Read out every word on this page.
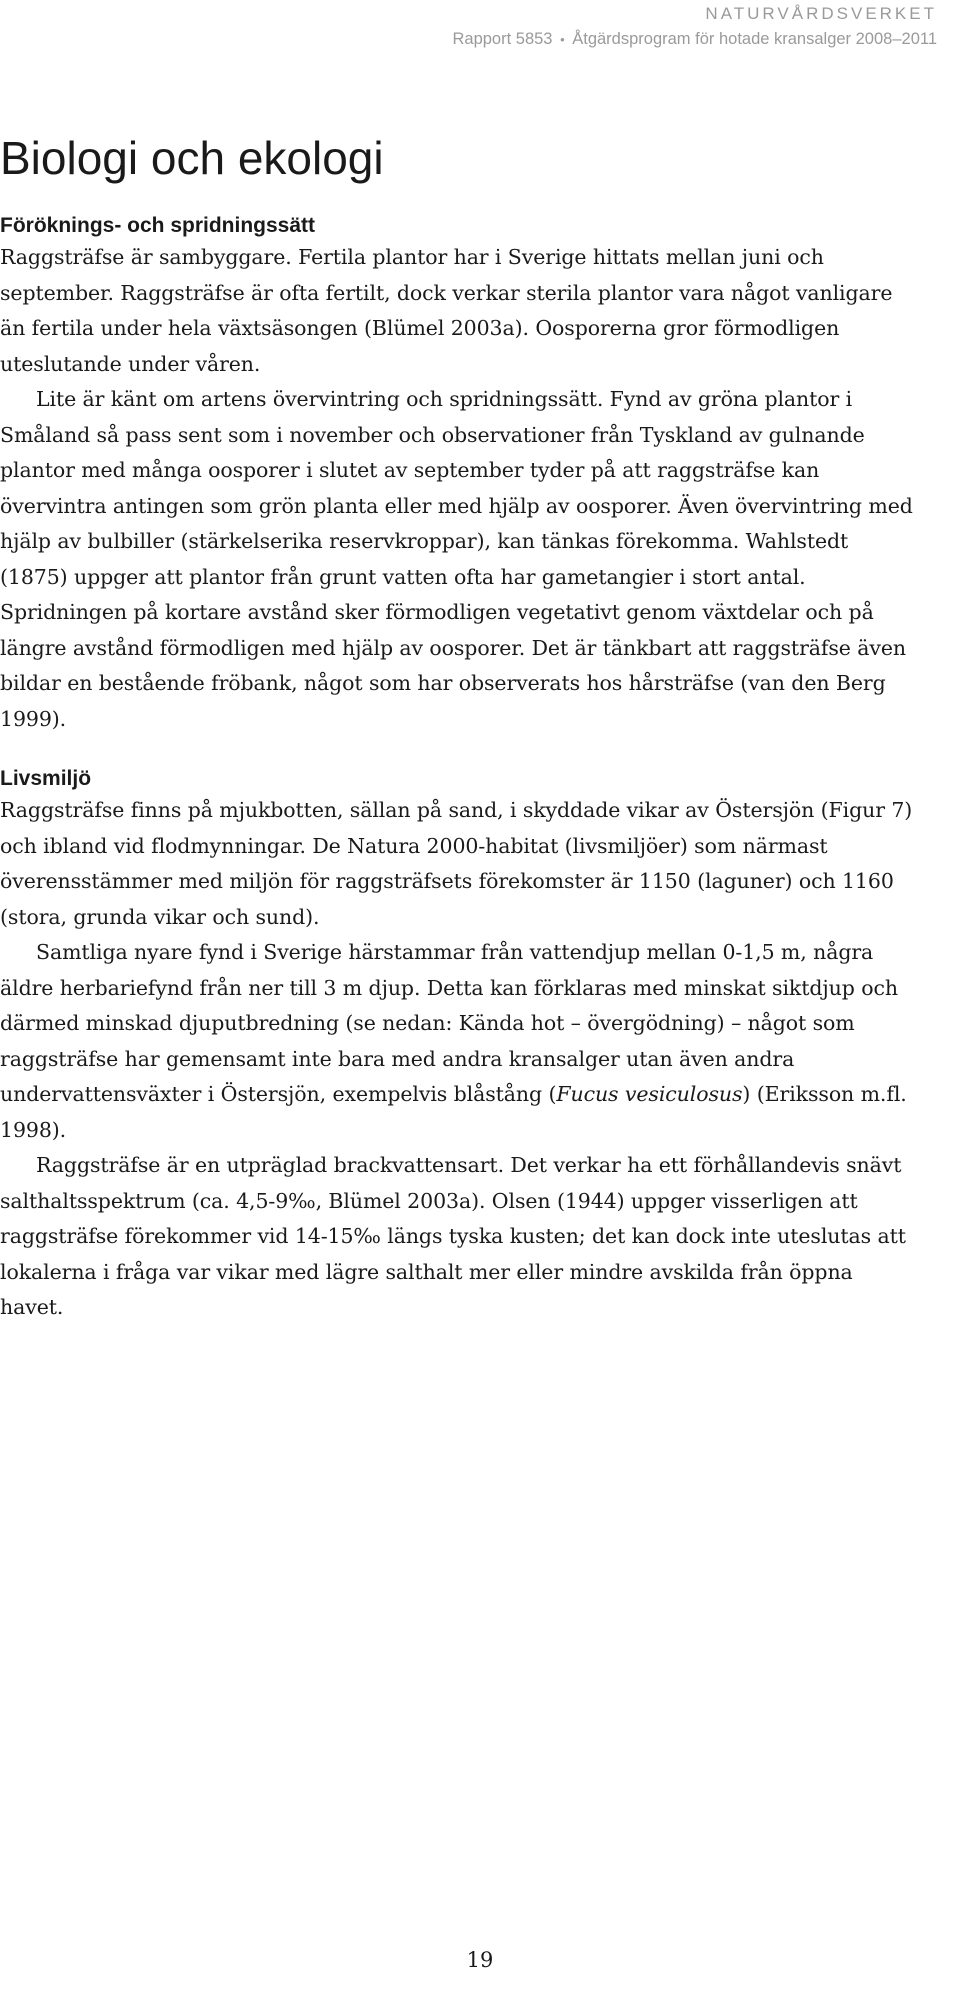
NATURVÅRDSVERKET
Rapport 5853 • Åtgärdsprogram för hotade kransalger 2008–2011
Biologi och ekologi
Föröknings- och spridningssätt

Raggsträfse är sambyggare. Fertila plantor har i Sverige hittats mellan juni och september. Raggsträfse är ofta fertilt, dock verkar sterila plantor vara något vanligare än fertila under hela växtsäsongen (Blümel 2003a). Oosporerna gror förmodligen uteslutande under våren.

Lite är känt om artens övervintring och spridningssätt. Fynd av gröna plantor i Småland så pass sent som i november och observationer från Tyskland av gulnande plantor med många oosporer i slutet av september tyder på att raggsträfse kan övervintra antingen som grön planta eller med hjälp av oosporer. Även övervintring med hjälp av bulbiller (stärkelserika reservkroppar), kan tänkas förekomma. Wahlstedt (1875) uppger att plantor från grunt vatten ofta har gametangier i stort antal. Spridningen på kortare avstånd sker förmodligen vegetativt genom växtdelar och på längre avstånd förmodligen med hjälp av oosporer. Det är tänkbart att raggsträfse även bildar en bestående fröbank, något som har observerats hos hårsträfse (van den Berg 1999).

Livsmiljö

Raggsträfse finns på mjukbotten, sällan på sand, i skyddade vikar av Östersjön (Figur 7) och ibland vid flodmynningar. De Natura 2000-habitat (livsmiljöer) som närmast överensstämmer med miljön för raggsträfsets förekomster är 1150 (laguner) och 1160 (stora, grunda vikar och sund).

Samtliga nyare fynd i Sverige härstammar från vattendjup mellan 0-1,5 m, några äldre herbariefynd från ner till 3 m djup. Detta kan förklaras med minskat siktdjup och därmed minskad djuputbredning (se nedan: Kända hot – övergödning) – något som raggsträfse har gemensamt inte bara med andra kransalger utan även andra undervattensväxter i Östersjön, exempelvis blåstång (Fucus vesiculosus) (Eriksson m.fl. 1998).

Raggsträfse är en utpräglad brackvattensart. Det verkar ha ett förhållandevis snävt salthaltsspektrum (ca. 4,5-9‰, Blümel 2003a). Olsen (1944) uppger visserligen att raggsträfse förekommer vid 14-15‰ längs tyska kusten; det kan dock inte uteslutas att lokalerna i fråga var vikar med lägre salthalt mer eller mindre avskilda från öppna havet.

19
